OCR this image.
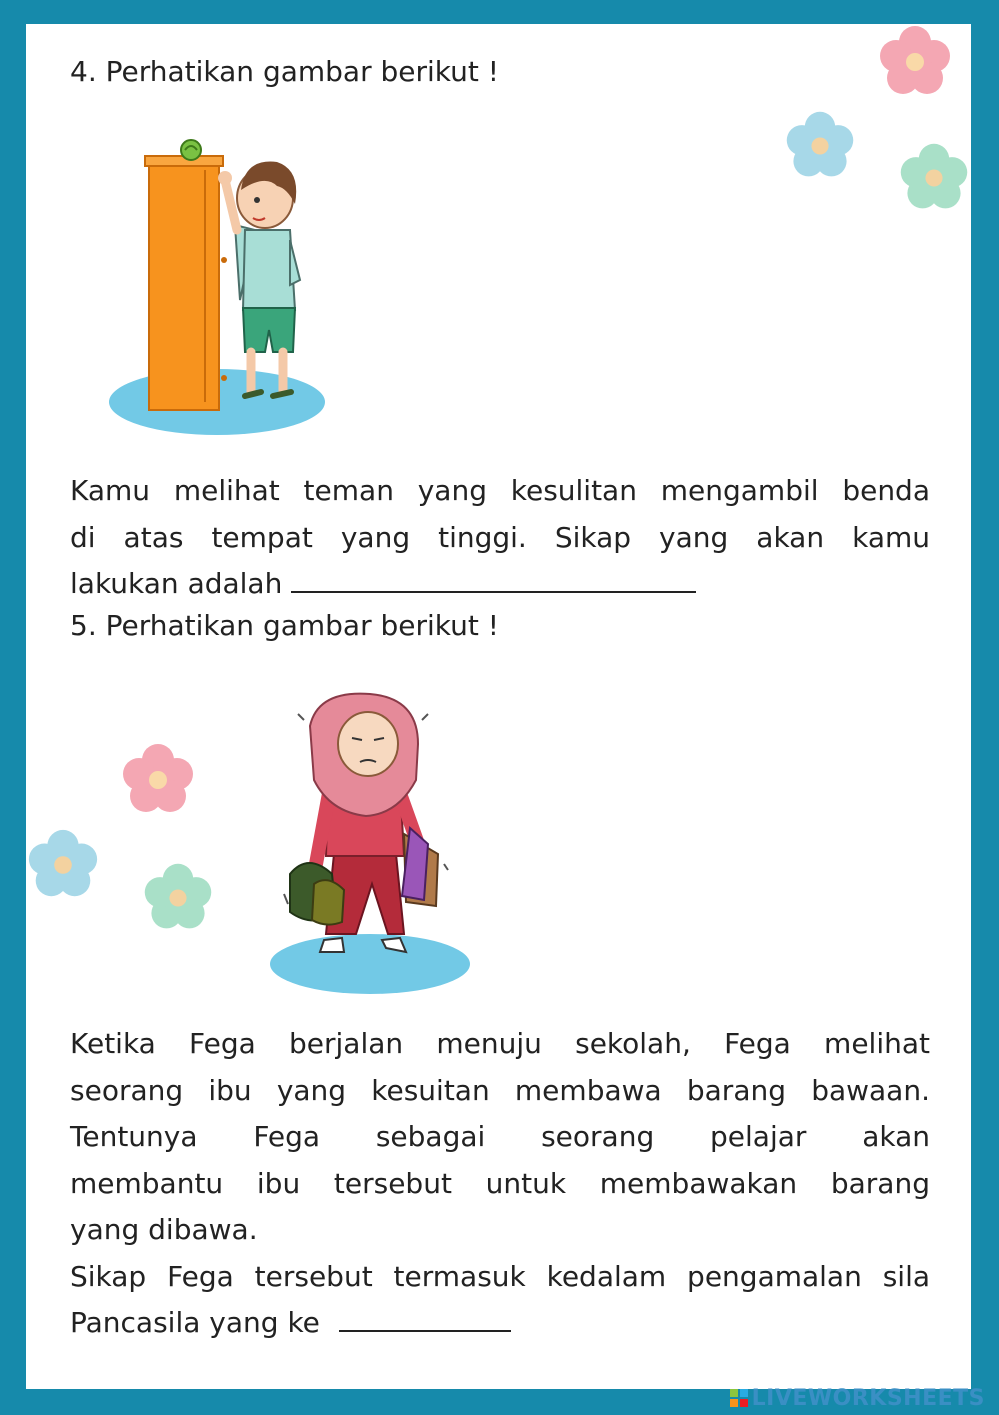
4. Perhatikan gambar berikut !

Kamu melihat teman yang kesulitan mengambil benda
di atas tempat yang tinggi. Sikap yang akan kamu
lakukan adalah

5. Perhatikan gambar berikut !

Ketika Fega berjalan menuju sekolah, Fega melihat
seorang ibu yang kesuitan membawa barang bawaan.
Tentunya Fega sebagai seorang pelajar akan
membantu ibu tersebut untuk membawakan barang
yang dibawa.
Sikap Fega tersebut termasuk kedalam pengamalan sila
Pancasila yang ke
LIVEWORKSHEETS
